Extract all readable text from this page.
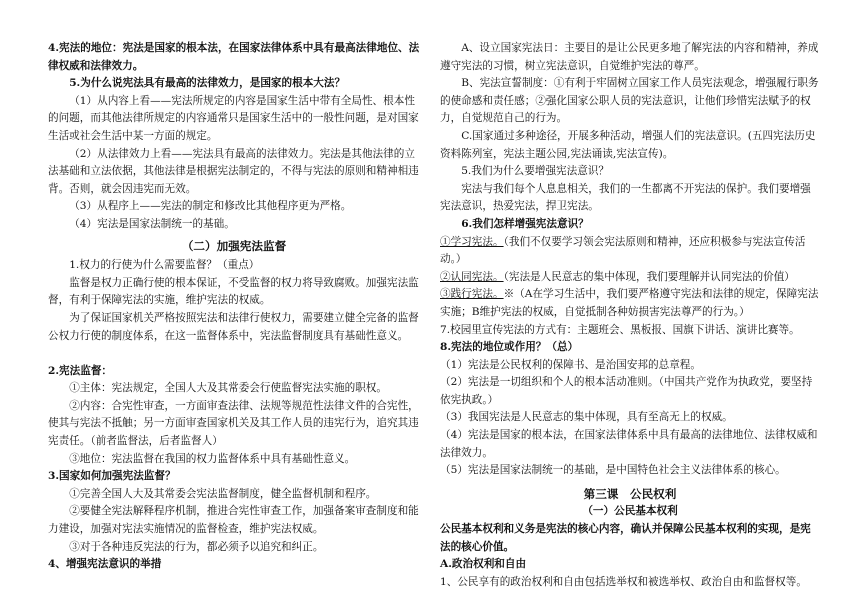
4.宪法的地位：宪法是国家的根本法，在国家法律体系中具有最高法律地位、法律权威和法律效力。

5.为什么说宪法具有最高的法律效力，是国家的根本大法？

（1）从内容上看——宪法所规定的内容是国家生活中带有全局性、根本性的问题，而其他法律所规定的内容通常只是国家生活中的一般性问题，是对国家生活或社会生活中某一方面的规定。

（2）从法律效力上看——宪法具有最高的法律效力。宪法是其他法律的立法基础和立法依据，其他法律是根据宪法制定的，不得与宪法的原则和精神相违背。否则，就会因违宪而无效。

（3）从程序上——宪法的制定和修改比其他程序更为严格。

（4）宪法是国家法制统一的基础。

（二）加强宪法监督

1.权力的行使为什么需要监督？（重点）

监督是权力正确行使的根本保证，不受监督的权力将导致腐败。加强宪法监督，有利于保障宪法的实施，维护宪法的权威。

为了保证国家机关严格按照宪法和法律行使权力，需要建立健全完备的监督公权力行使的制度体系，在这一监督体系中，宪法监督制度具有基础性意义。

2.宪法监督：

①主体：宪法规定，全国人大及其常委会行使监督宪法实施的职权。

②内容：合宪性审查，一方面审查法律、法规等规范性法律文件的合宪性，使其与宪法不抵触；另一方面审查国家机关及其工作人员的违宪行为，追究其违宪责任。（前者监督法，后者监督人）

③地位：宪法监督在我国的权力监督体系中具有基础性意义。

3.国家如何加强宪法监督？

①完善全国人大及其常委会宪法监督制度，健全监督机制和程序。

②要健全宪法解释程序机制，推进合宪性审查工作，加强备案审查制度和能力建设，加强对宪法实施情况的监督检查，维护宪法权威。

③对于各种违反宪法的行为，都必须予以追究和纠正。

4、增强宪法意识的举措

A、设立国家宪法日：主要目的是让公民更多地了解宪法的内容和精神，养成遵守宪法的习惯，树立宪法意识，自觉维护宪法的尊严。

B、宪法宣誓制度：①有利于牢固树立国家工作人员宪法观念，增强履行职务的使命感和责任感；②强化国家公职人员的宪法意识，让他们珍惜宪法赋予的权力，自觉规范自己的行为。

C.国家通过多种途径，开展多种活动，增强人们的宪法意识。(五四宪法历史资料陈列室，宪法主题公园,宪法诵读,宪法宣传)。

5.我们为什么要增强宪法意识？

宪法与我们每个人息息相关，我们的一生都离不开宪法的保护。我们要增强宪法意识，热爱宪法，捍卫宪法。

6.我们怎样增强宪法意识？

①学习宪法。（我们不仅要学习领会宪法原则和精神，还应积极参与宪法宣传活动。）

②认同宪法。（宪法是人民意志的集中体现，我们要理解并认同宪法的价值）

③践行宪法。※（A在学习生活中，我们要严格遵守宪法和法律的规定，保障宪法实施；B维护宪法的权威，自觉抵制各种妨损害宪法尊严的行为。）

7.校园里宣传宪法的方式有：主题班会、黑板报、国旗下讲话、演讲比赛等。

8.宪法的地位或作用？（总）

（1）宪法是公民权利的保障书、是治国安邦的总章程。

（2）宪法是一切组织和个人的根本活动准则。（中国共产党作为执政党，要坚持依宪执政。）

（3）我国宪法是人民意志的集中体现，具有至高无上的权威。

（4）宪法是国家的根本法，在国家法律体系中具有最高的法律地位、法律权威和法律效力。

（5）宪法是国家法制统一的基础，是中国特色社会主义法律体系的核心。

第三课　公民权利

（一）公民基本权利

公民基本权利和义务是宪法的核心内容，确认并保障公民基本权利的实现，是宪法的核心价值。

A.政治权利和自由

1、公民享有的政治权利和自由包括选举权和被选举权、政治自由和监督权等。
